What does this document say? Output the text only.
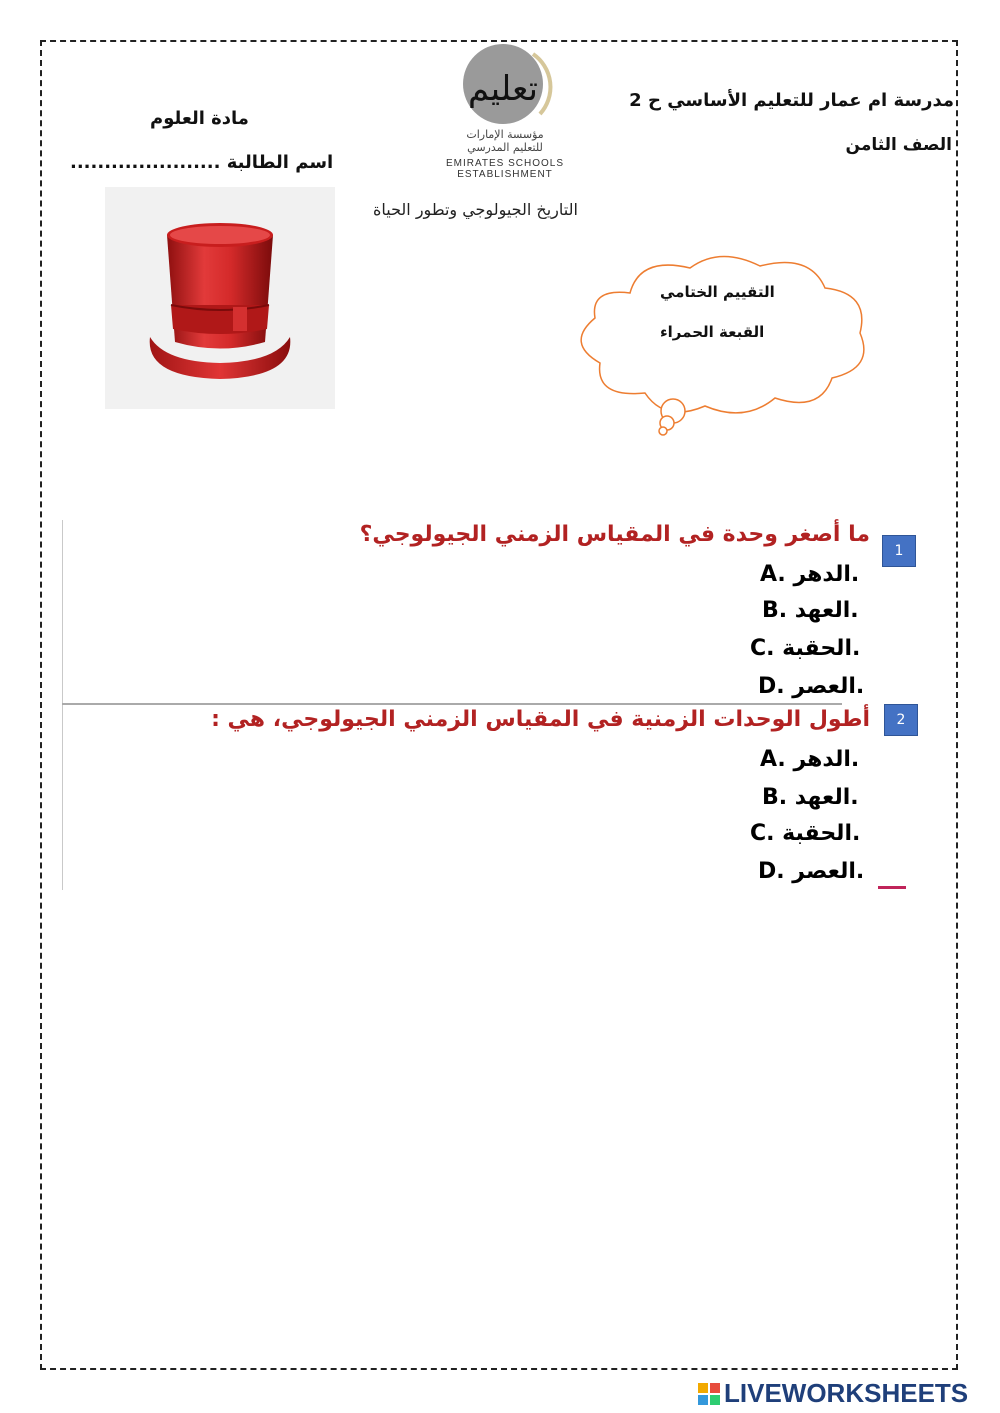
مدرسة ام عمار للتعليم الأساسي ح 2
الصف الثامن
مادة العلوم
اسم الطالبة ......................
التاريخ الجيولوجي وتطور الحياة
تعليم
مؤسسة الإمارات
للتعليم المدرسي
EMIRATES SCHOOLS
ESTABLISHMENT
التقييم الختامي
القبعة الحمراء
1
ما أصغر وحدة في المقياس الزمني الجيولوجي؟
A. الدهر.
B. العهد.
C. الحقبة.
D. العصر.
2
أطول الوحدات الزمنية في المقياس الزمني الجيولوجي، هي :
A. الدهر.
B. العهد.
C. الحقبة.
D. العصر.
LIVEWORKSHEETS
